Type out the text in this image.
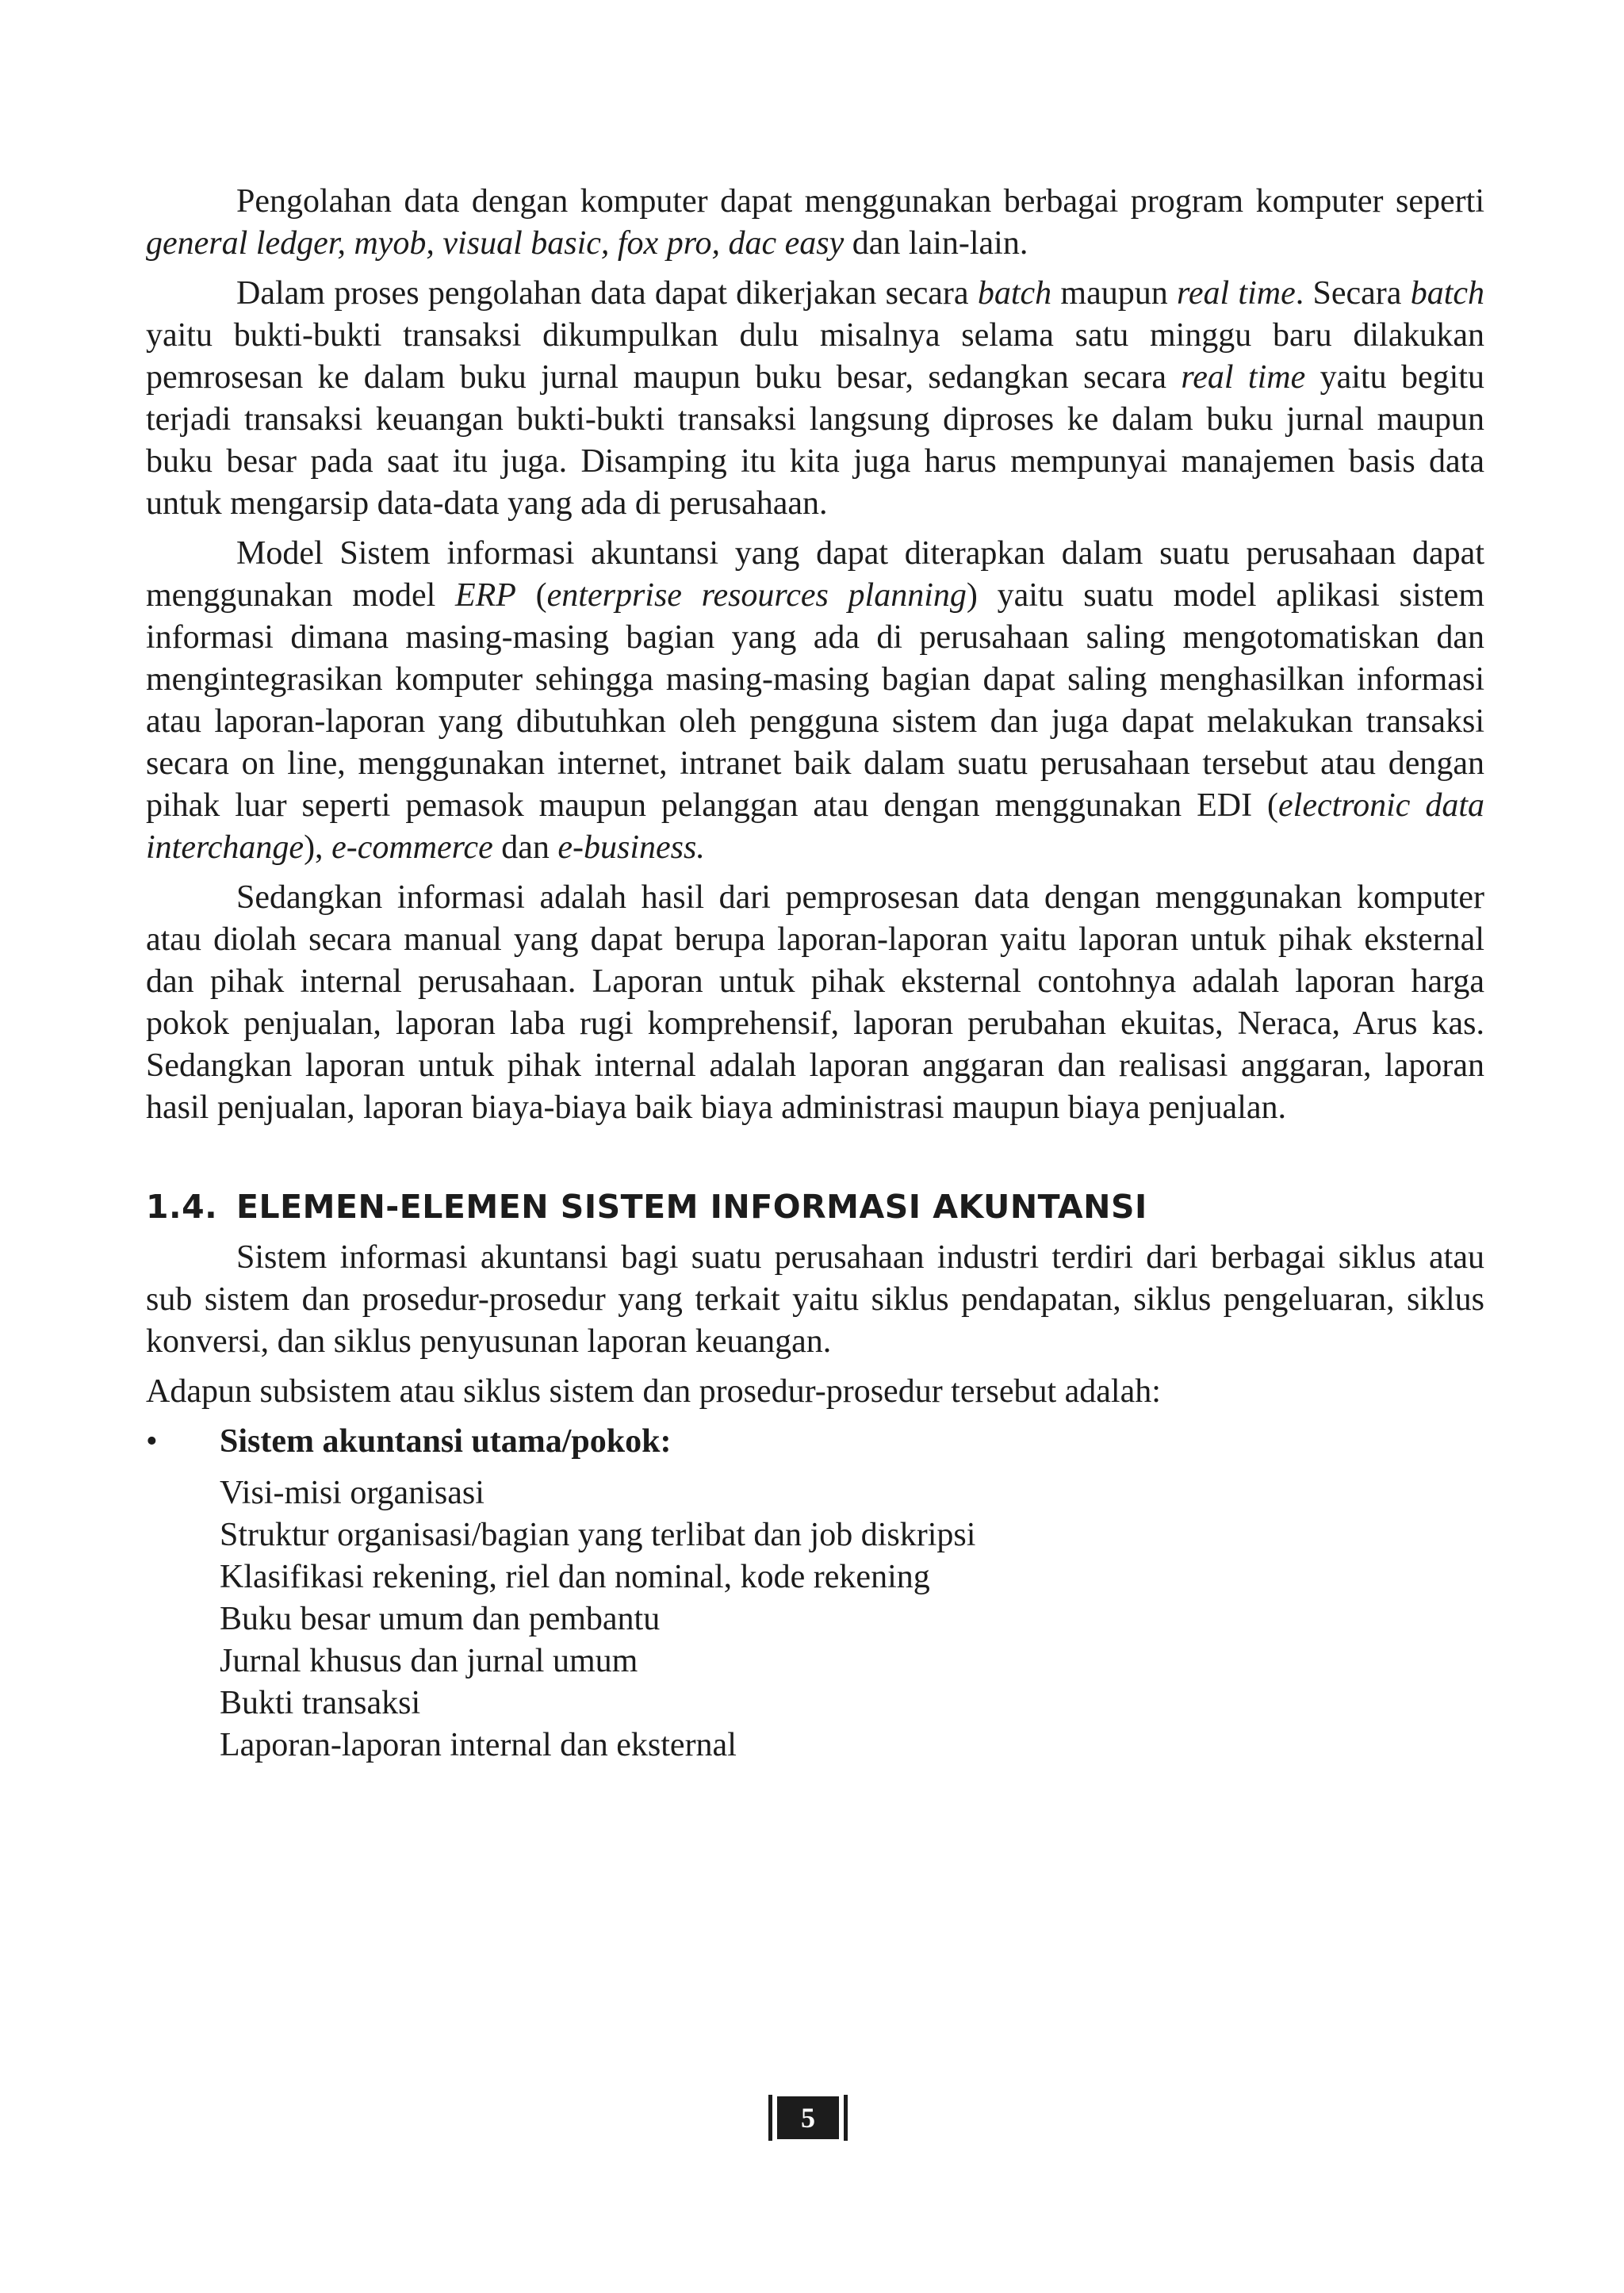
Pengolahan data dengan komputer dapat menggunakan berbagai program komputer seperti general ledger, myob, visual basic, fox pro, dac easy dan lain-lain.

Dalam proses pengolahan data dapat dikerjakan secara batch maupun real time. Secara batch yaitu bukti-bukti transaksi dikumpulkan dulu misalnya selama satu minggu baru dilakukan pemrosesan ke dalam buku jurnal maupun buku besar, sedangkan secara real time yaitu begitu terjadi transaksi keuangan bukti-bukti transaksi langsung diproses ke dalam buku jurnal maupun buku besar pada saat itu juga. Disamping itu kita juga harus mempunyai manajemen basis data untuk mengarsip data-data yang ada di perusahaan.

Model Sistem informasi akuntansi yang dapat diterapkan dalam suatu perusahaan dapat menggunakan model ERP (enterprise resources planning) yaitu suatu model aplikasi sistem informasi dimana masing-masing bagian yang ada di perusahaan saling mengotomatiskan dan mengintegrasikan komputer sehingga masing-masing bagian dapat saling menghasilkan informasi atau laporan-laporan yang dibutuhkan oleh pengguna sistem dan juga dapat melakukan transaksi secara on line, menggunakan internet, intranet baik dalam suatu perusahaan tersebut atau dengan pihak luar seperti pemasok maupun pelanggan atau dengan menggunakan EDI (electronic data interchange), e-commerce dan e-business.

Sedangkan informasi adalah hasil dari pemprosesan data dengan menggunakan komputer atau diolah secara manual yang dapat berupa laporan-laporan yaitu laporan untuk pihak eksternal dan pihak internal perusahaan. Laporan untuk pihak eksternal contohnya adalah laporan harga pokok penjualan, laporan laba rugi komprehensif, laporan perubahan ekuitas, Neraca, Arus kas. Sedangkan laporan untuk pihak internal adalah laporan anggaran dan realisasi anggaran, laporan hasil penjualan, laporan biaya-biaya baik biaya administrasi maupun biaya penjualan.

1.4. ELEMEN-ELEMEN SISTEM INFORMASI AKUNTANSI

Sistem informasi akuntansi bagi suatu perusahaan industri terdiri dari berbagai siklus atau sub sistem dan prosedur-prosedur yang terkait yaitu siklus pendapatan, siklus pengeluaran, siklus konversi, dan siklus penyusunan laporan keuangan.

Adapun subsistem atau siklus sistem dan prosedur-prosedur tersebut adalah:

• Sistem akuntansi utama/pokok:
Visi-misi organisasi
Struktur organisasi/bagian yang terlibat dan job diskripsi
Klasifikasi rekening, riel dan nominal, kode rekening
Buku besar umum dan pembantu
Jurnal khusus dan jurnal umum
Bukti transaksi
Laporan-laporan internal dan eksternal
5
